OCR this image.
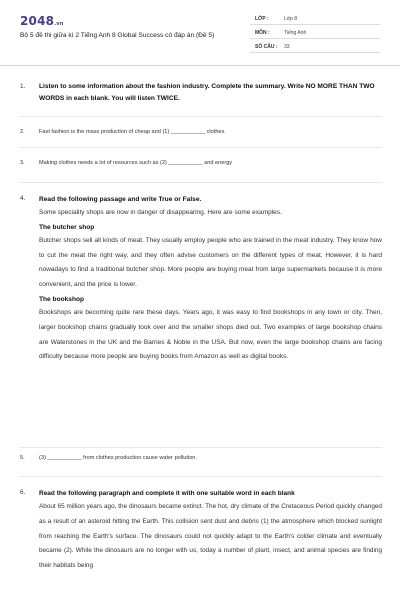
2048.vn
Bộ 5 đề thi giữa kì 2 Tiếng Anh 8 Global Success có đáp án (Đề 5)
LỚP :	Lớp 8
MÔN :	Tiếng Anh
SỐ CÂU : 33
1.	Listen to some information about the fashion industry. Complete the summary. Write NO MORE THAN TWO WORDS in each blank. You will listen TWICE.
2.	Fast fashion is the mass production of cheap and (1) ___________ clothes.
3.	Making clothes needs a lot of resources such as (2) ___________ and energy
4.	Read the following passage and write True or False.
Some speciality shops are now in danger of disappearing. Here are some examples.
The butcher shop
Butcher shops sell all kinds of meat. They usually employ people who are trained in the meat industry. They know how to cut the meat the right way, and they often advise customers on the different types of meat. However, it is hard nowadays to find a traditional butcher shop. More people are buying meat from large supermarkets because it is more convenient, and the price is lower.
The bookshop
Bookshops are becoming quite rare these days. Years ago, it was easy to find bookshops in any town or city. Then, larger bookshop chains gradually took over and the smaller shops died out. Two examples of large bookshop chains are Waterstones in the UK and the Barnes & Noble in the USA. But now, even the large bookshop chains are facing difficulty because more people are buying books from Amazon as well as digital books.
5.	(3) ___________ from clothes production cause water pollution.
6.	Read the following paragraph and complete it with one suitable word in each blank
About 65 million years ago, the dinosaurs became extinct. The hot, dry climate of the Cretaceous Period quickly changed as a result of an asteroid hitting the Earth. This collision sent dust and debris (1) the atmosphere which blocked sunlight from reaching the Earth's surface. The dinosaurs could not quickly adapt to the Earth's colder climate and eventually became (2). While the dinosaurs are no longer with us, today a number of plant, insect, and animal species are finding their habitats being
